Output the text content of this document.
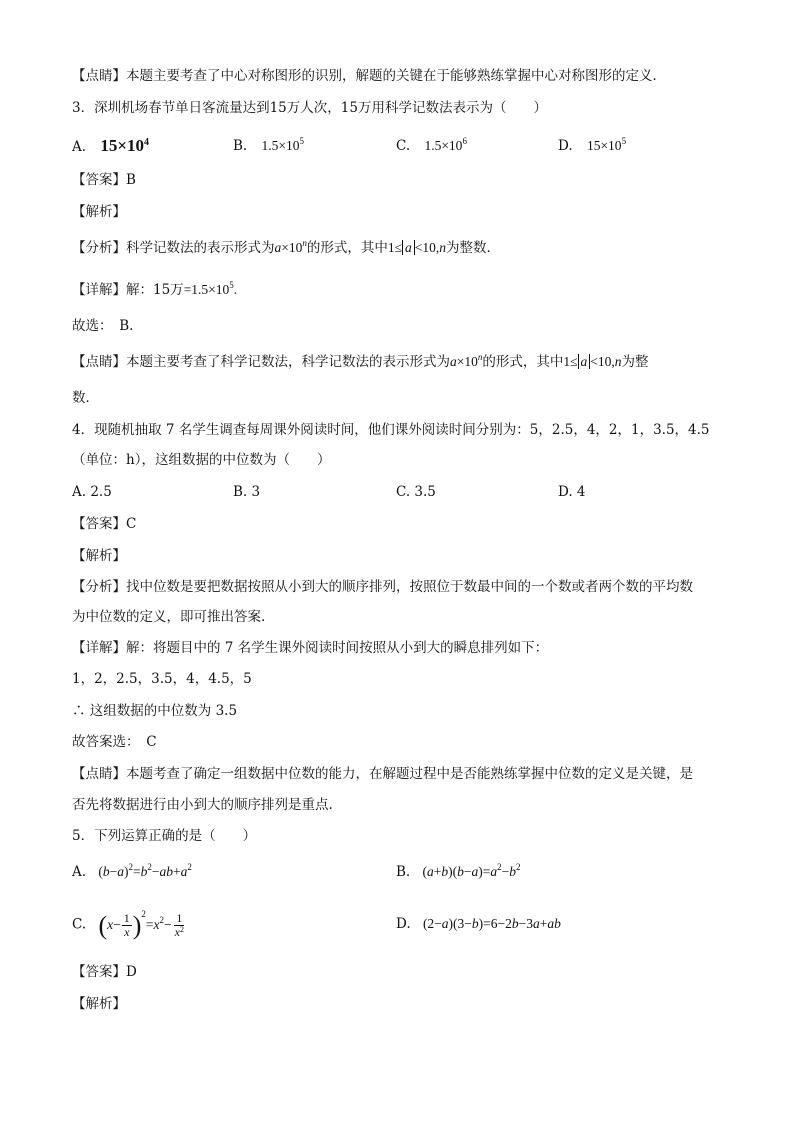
【点睛】本题主要考查了中心对称图形的识别，解题的关键在于能够熟练掌握中心对称图形的定义．
3．深圳机场春节单日客流量达到15万人次，15万用科学记数法表示为（　　）
A. $15\times 10^4$	B. $1.5\times 10^5$	C. $1.5\times 10^6$	D. $15\times 10^5$
【答案】B
【解析】
【分析】科学记数法的表示形式为$a\times 10^n$的形式，其中1≤ a <10,n为整数．
【详解】解：15万$=1.5\times 10^5$.
故选：　B.
【点睛】本题主要考查了科学记数法，科学记数法的表示形式为$a\times 10^n$的形式，其中1≤ a <10,n为整
数．
4．现随机抽取 7 名学生调查每周课外阅读时间，他们课外阅读时间分别为：5，2.5，4，2，1，3.5，4.5
（单位：h），这组数据的中位数为（　　）
A. 2.5	B. 3	C. 3.5	D. 4
【答案】C
【解析】
【分析】找中位数是要把数据按照从小到大的顺序排列，按照位于数最中间的一个数或者两个数的平均数
为中位数的定义，即可推出答案.
【详解】解：将题目中的 7 名学生课外阅读时间按照从小到大的瞬息排列如下：
1，2，2.5，3.5，4，4.5，5
∴ 这组数据的中位数为 3.5
故答案选：　C
【点睛】本题考查了确定一组数据中位数的能力，在解题过程中是否能熟练掌握中位数的定义是关键，是
否先将数据进行由小到大的顺序排列是重点.
5．下列运算正确的是（　　）
A. $(b-a)^2=b^2-ab+a^2$	B. $(a+b)(b-a)=a^2-b^2$
C. $(x- \frac{1}{x} )^2=x^2- \frac{1}{x^2}$	D. (2−a)(3−b)=6−2b−3a+ab
【答案】D
【解析】
